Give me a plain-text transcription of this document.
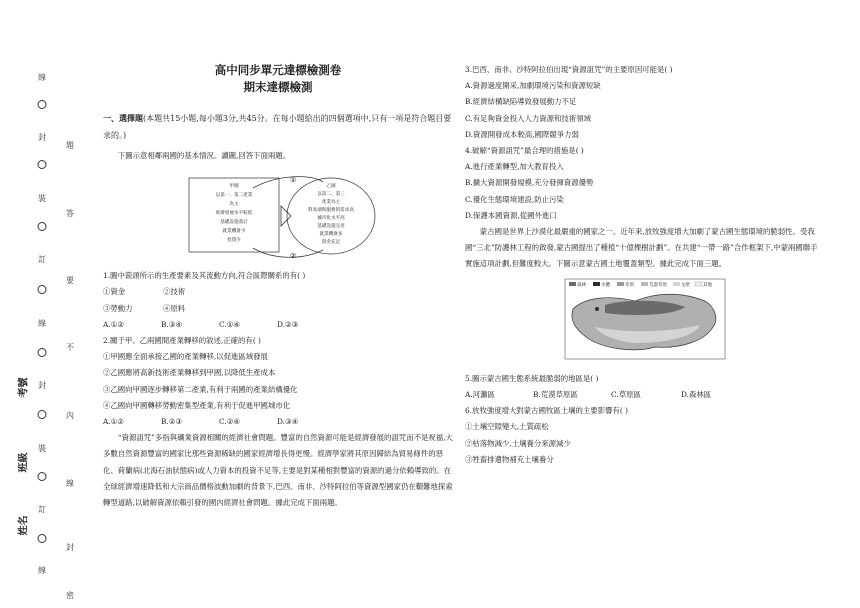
線
封
裝
訂
線
封
裝
訂
線
考號
班級
姓名
題
答
要
不
內
線
封
密
高中同步單元達標檢測卷
期末達標檢測

一、選擇題(本題共15小題,每小題3分,共45分。在每小題給出的四個選項中,只有一項是符合題目要求的。)

下圖示意相鄰兩國的基本情況。讀圖,回答下面兩題。

①
②
甲國
以第一、第二產業
為主
經濟發展水平較低
基礎設施落后
就業機會少
投資少
乙國
以第二、第三
產業為主
對高端和服務的需求高
城市化水平高
基礎設施完善
就業機會多
資金充足

1.圖中箭頭所示的生產要素及其流動方向,符合區際關系的有( )

①資金	②技術

③勞動力	④原料

A.①②	B.③④	C.①④	D.②③

2.關于甲、乙兩國間產業轉移的敘述,正確的有( )

①甲國應全面承接乙國的產業轉移,以促進區域發展

②乙國應將高新技術產業轉移到甲國,以降低生產成本

③乙國向甲國逐步轉移第二產業,有利于兩國的產業結構優化

④乙國向甲國轉移勞動密集型產業,有利于促進甲國城市化

A.①②	B.②③	C.②④	D.③④

“資源詛咒”多指與礦業資源相關的經濟社會問題。豐富的自然資源可能是經濟發展的詛咒而不是祝福,大多數自然資源豐富的國家比那些資源稀缺的國家經濟增長得更慢。經濟學家將其原因歸結為貿易條件的惡化、荷蘭病(北海石油狀態病)或人力資本的投資不足等,主要是對某種相對豐富的資源的過分依賴導致的。在全球經濟增速降低和大宗商品價格波動加劇的背景下,巴西、南非、沙特阿拉伯等資源型國家仍在艱難地探索轉型道路,以破解資源依賴引發的國內經濟社會問題。據此完成下面兩題。

3.巴西、南非、沙特阿拉伯出現“資源詛咒”的主要原因可能是( )

A.資源過度開采,加劇環境污染和資源短缺

B.經濟結構缺陷導致發展動力不足

C.有足夠資金投入人力資源和技術領域

D.資源開發成本較高,國際競爭力弱

4.破解“資源詛咒”最合理的措施是( )

A.進行產業轉型,加大教育投入

B.擴大資源開發規模,充分發揮資源優勢

C.優化生態環境建設,防止污染

D.保護本國資源,從國外進口

蒙古國是世界上沙漠化最嚴重的國家之一。近年來,放牧強度增大加劇了蒙古國生態環境的脆弱性。受我國“三北”防護林工程的啟發,蒙古國提出了種植“十億棵樹計劃”。在共建“一帶一路”合作框架下,中蒙兩國聯手實施這項計劃,但難度較大。下圖示意蒙古國土地覆蓋類型。據此完成下面三題。

森林	水體	草原	荒漠草原	戈壁	其他

5.圖示蒙古國生態系統最脆弱的地區是( )

A.河灘區	B.荒漠草原區	C.草原區	D.森林區

6.放牧強度增大對蒙古國牧區土壤的主要影響有( )

①土壤空隙變大,土質疏松

②枯落物減少,土壤養分來源減少

③牲畜排遺物補充土壤養分
